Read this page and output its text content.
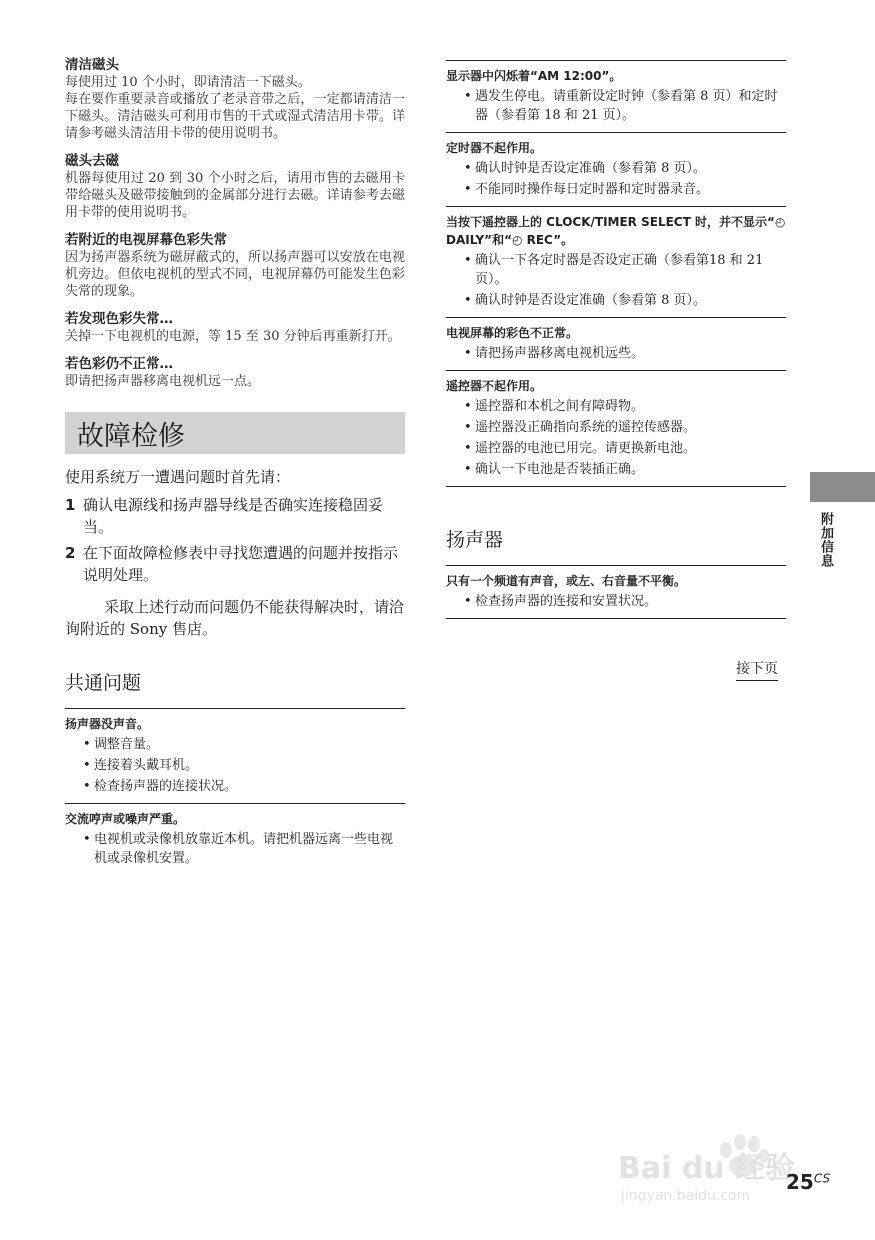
清洁磁头

每使用过 10 个小时，即请清洁一下磁头。

每在要作重要录音或播放了老录音带之后，一定都请清洁一下磁头。清洁磁头可利用市售的干式或湿式清洁用卡带。详请参考磁头清洁用卡带的使用说明书。

磁头去磁

机器每使用过 20 到 30 个小时之后，请用市售的去磁用卡带给磁头及磁带接触到的金属部分进行去磁。详请参考去磁用卡带的使用说明书。

若附近的电视屏幕色彩失常

因为扬声器系统为磁屏蔽式的，所以扬声器可以安放在电视机旁边。但依电视机的型式不同，电视屏幕仍可能发生色彩失常的现象。

若发现色彩失常…

关掉一下电视机的电源，等 15 至 30 分钟后再重新打开。

若色彩仍不正常…

即请把扬声器移离电视机远一点。

故障检修

使用系统万一遭遇问题时首先请：

1 确认电源线和扬声器导线是否确实连接稳固妥当。
2 在下面故障检修表中寻找您遭遇的问题并按指示说明处理。

采取上述行动而问题仍不能获得解决时，请洽询附近的 Sony 售店。

共通问题

扬声器没声音。

• 调整音量。
• 连接着头戴耳机。
• 检查扬声器的连接状况。

交流哼声或噪声严重。

• 电视机或录像机放靠近本机。请把机器远离一些电视机或录像机安置。

显示器中闪烁着“AM 12:00”。

• 遇发生停电。请重新设定时钟（参看第 8 页）和定时器（参看第 18 和 21 页）。

定时器不起作用。

• 确认时钟是否设定准确（参看第 8 页）。
• 不能同时操作每日定时器和定时器录音。

当按下遥控器上的 CLOCK/TIMER SELECT 时，并不显示“◴ DAILY”和“◴ REC”。

• 确认一下各定时器是否设定正确（参看第18 和 21 页）。
• 确认时钟是否设定准确（参看第 8 页）。

电视屏幕的彩色不正常。

• 请把扬声器移离电视机远些。

遥控器不起作用。

• 遥控器和本机之间有障碍物。
• 遥控器没正确指向系统的遥控传感器。
• 遥控器的电池已用完。请更换新电池。
• 确认一下电池是否装插正确。

扬声器

只有一个频道有声音，或左、右音量不平衡。

• 检查扬声器的连接和安置状况。
接下页
附加信息
Bai du 经验
jingyan.baidu.com
$25^{CS}$
